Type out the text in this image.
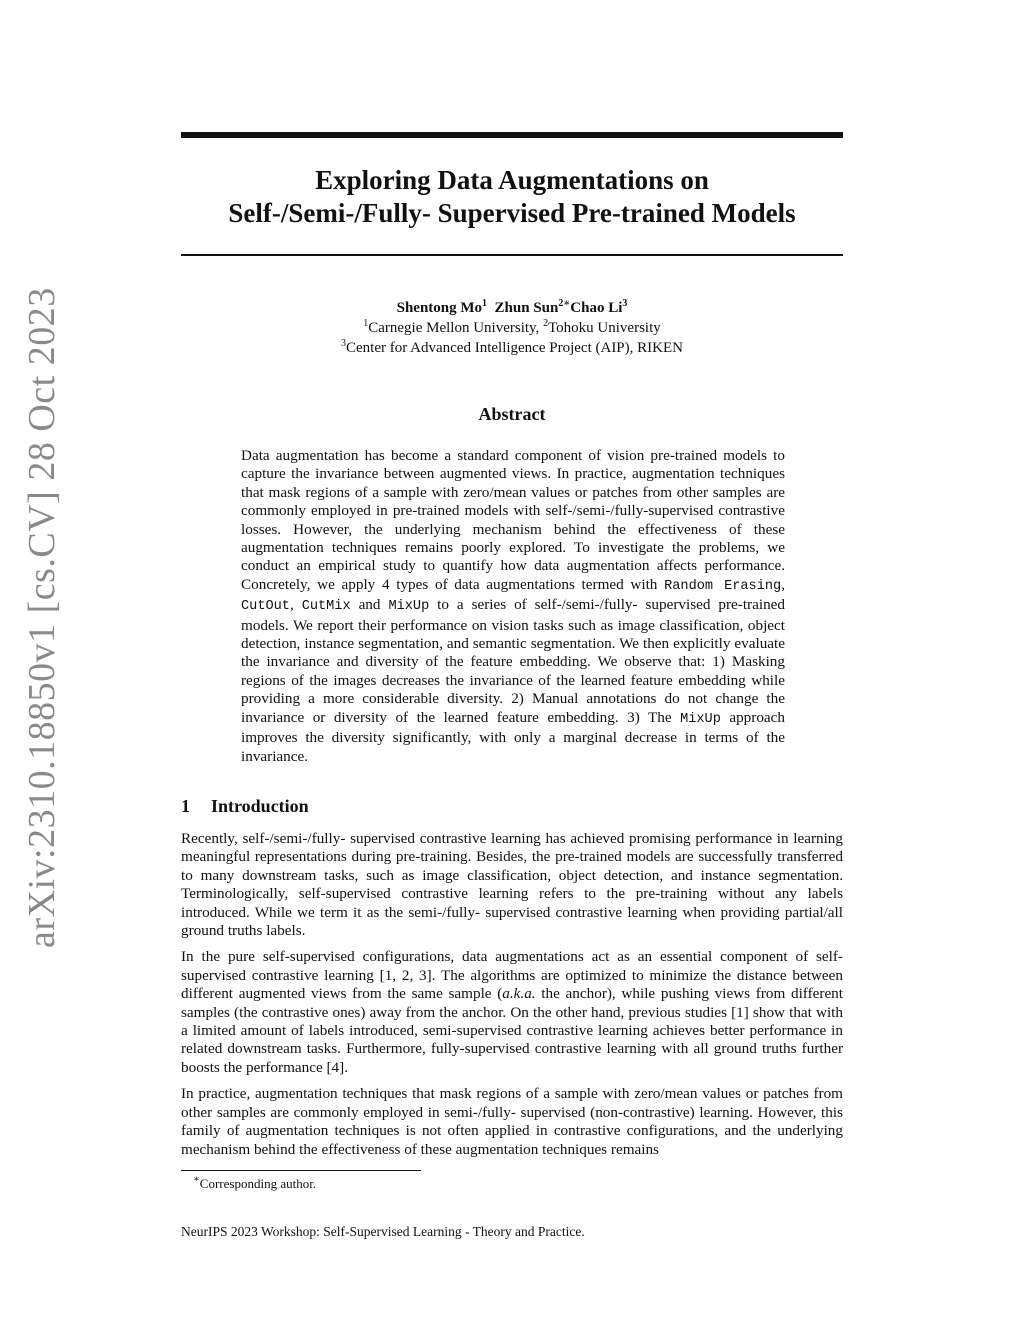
arXiv:2310.18850v1 [cs.CV] 28 Oct 2023
Exploring Data Augmentations on
Self-/Semi-/Fully- Supervised Pre-trained Models
Shentong Mo$^1$ Zhun Sun$^{2∗}$Chao Li$^3$
$^1$Carnegie Mellon University, $^2$Tohoku University
$^3$Center for Advanced Intelligence Project (AIP), RIKEN
Abstract

Data augmentation has become a standard component of vision pre-trained models to capture the invariance between augmented views. In practice, augmentation techniques that mask regions of a sample with zero/mean values or patches from other samples are commonly employed in pre-trained models with self-/semi-/fully-supervised contrastive losses. However, the underlying mechanism behind the effectiveness of these augmentation techniques remains poorly explored. To investigate the problems, we conduct an empirical study to quantify how data augmentation affects performance. Concretely, we apply 4 types of data augmentations termed with Random Erasing, CutOut, CutMix and MixUp to a series of self-/semi-/fully- supervised pre-trained models. We report their performance on vision tasks such as image classification, object detection, instance segmentation, and semantic segmentation. We then explicitly evaluate the invariance and diversity of the feature embedding. We observe that: 1) Masking regions of the images decreases the invariance of the learned feature embedding while providing a more considerable diversity. 2) Manual annotations do not change the invariance or diversity of the learned feature embedding. 3) The MixUp approach improves the diversity significantly, with only a marginal decrease in terms of the invariance.

1 Introduction

Recently, self-/semi-/fully- supervised contrastive learning has achieved promising performance in learning meaningful representations during pre-training. Besides, the pre-trained models are successfully transferred to many downstream tasks, such as image classification, object detection, and instance segmentation. Terminologically, self-supervised contrastive learning refers to the pre-training without any labels introduced. While we term it as the semi-/fully- supervised contrastive learning when providing partial/all ground truths labels.

In the pure self-supervised configurations, data augmentations act as an essential component of self-supervised contrastive learning [1, 2, 3]. The algorithms are optimized to minimize the distance between different augmented views from the same sample (a.k.a. the anchor), while pushing views from different samples (the contrastive ones) away from the anchor. On the other hand, previous studies [1] show that with a limited amount of labels introduced, semi-supervised contrastive learning achieves better performance in related downstream tasks. Furthermore, fully-supervised contrastive learning with all ground truths further boosts the performance [4].

In practice, augmentation techniques that mask regions of a sample with zero/mean values or patches from other samples are commonly employed in semi-/fully- supervised (non-contrastive) learning. However, this family of augmentation techniques is not often applied in contrastive configurations, and the underlying mechanism behind the effectiveness of these augmentation techniques remains

∗Corresponding author.
NeurIPS 2023 Workshop: Self-Supervised Learning - Theory and Practice.
